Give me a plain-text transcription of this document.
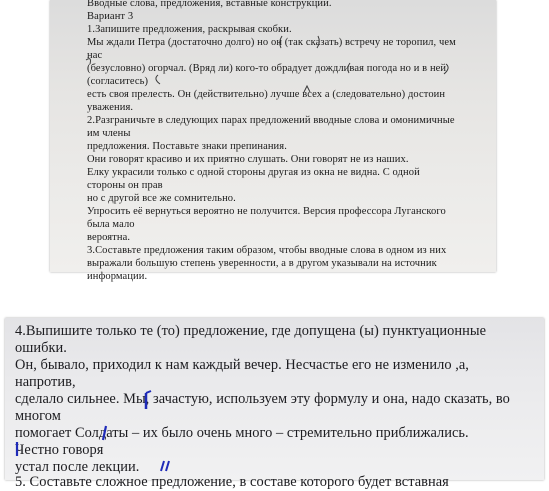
Вводные слова, предложения, вставные конструкции.

Вариант 3

1.Запишите предложения, раскрывая скобки.

Мы ждали Петра (достаточно долго) но он (так сказать) встречу не торопил, чем

нас

(безусловно) огорчал. (Вряд ли) кого-то обрадует дождливая погода но и в ней

(согласитесь)

есть своя прелесть. Он (действительно) лучше всех а (следовательно) достоин

уважения.

2.Разграничьте в следующих парах предложений вводные слова и омонимичные

им члены

предложения. Поставьте знаки препинания.

Они говорят красиво и их приятно слушать. Они говорят не из наших.

Елку украсили только с одной стороны другая из окна не видна. С одной

стороны он прав

но с другой все же сомнительно.

Упросить её вернуться вероятно не получится. Версия профессора Луганского

была мало

вероятна.

3.Составьте предложения таким образом, чтобы вводные слова в одном из них

выражали большую степень уверенности, а в другом указывали на источник

информации.

4.Выпишите только те (то) предложение, где допущена (ы) пунктуационные

ошибки.

Он, бывало, приходил к нам каждый вечер. Несчастье его не изменило ,а,

напротив,

сделало сильнее. Мы, зачастую, используем эту формулу и она, надо сказать, во

многом

помогает Солдаты – их было очень много – стремительно приближались.

Честно говоря

устал после лекции.

5. Составьте сложное предложение, в составе которого будет вставная
